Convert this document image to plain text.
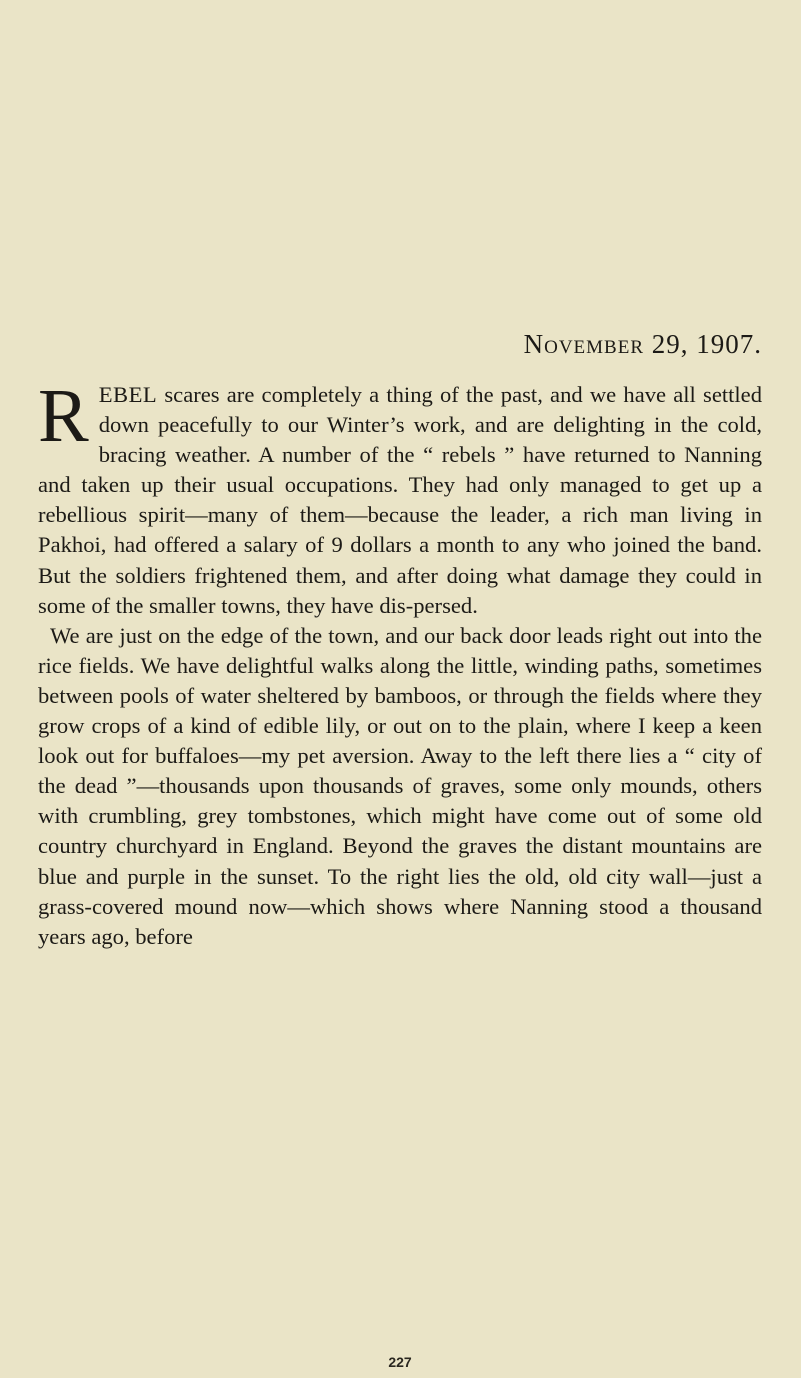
November 29, 1907.

REBEL scares are completely a thing of the past, and we have all settled down peacefully to our Winter’s work, and are delighting in the cold, bracing weather. A number of the “ rebels ” have returned to Nanning and taken up their usual occupations. They had only managed to get up a rebellious spirit—many of them—because the leader, a rich man living in Pakhoi, had offered a salary of 9 dollars a month to any who joined the band. But the soldiers frightened them, and after doing what damage they could in some of the smaller towns, they have dis-persed.

We are just on the edge of the town, and our back door leads right out into the rice fields. We have delightful walks along the little, winding paths, sometimes between pools of water sheltered by bamboos, or through the fields where they grow crops of a kind of edible lily, or out on to the plain, where I keep a keen look out for buffaloes—my pet aversion. Away to the left there lies a “ city of the dead ”—thousands upon thousands of graves, some only mounds, others with crumbling, grey tombstones, which might have come out of some old country churchyard in England. Beyond the graves the distant mountains are blue and purple in the sunset. To the right lies the old, old city wall—just a grass-covered mound now—which shows where Nanning stood a thousand years ago, before

227
